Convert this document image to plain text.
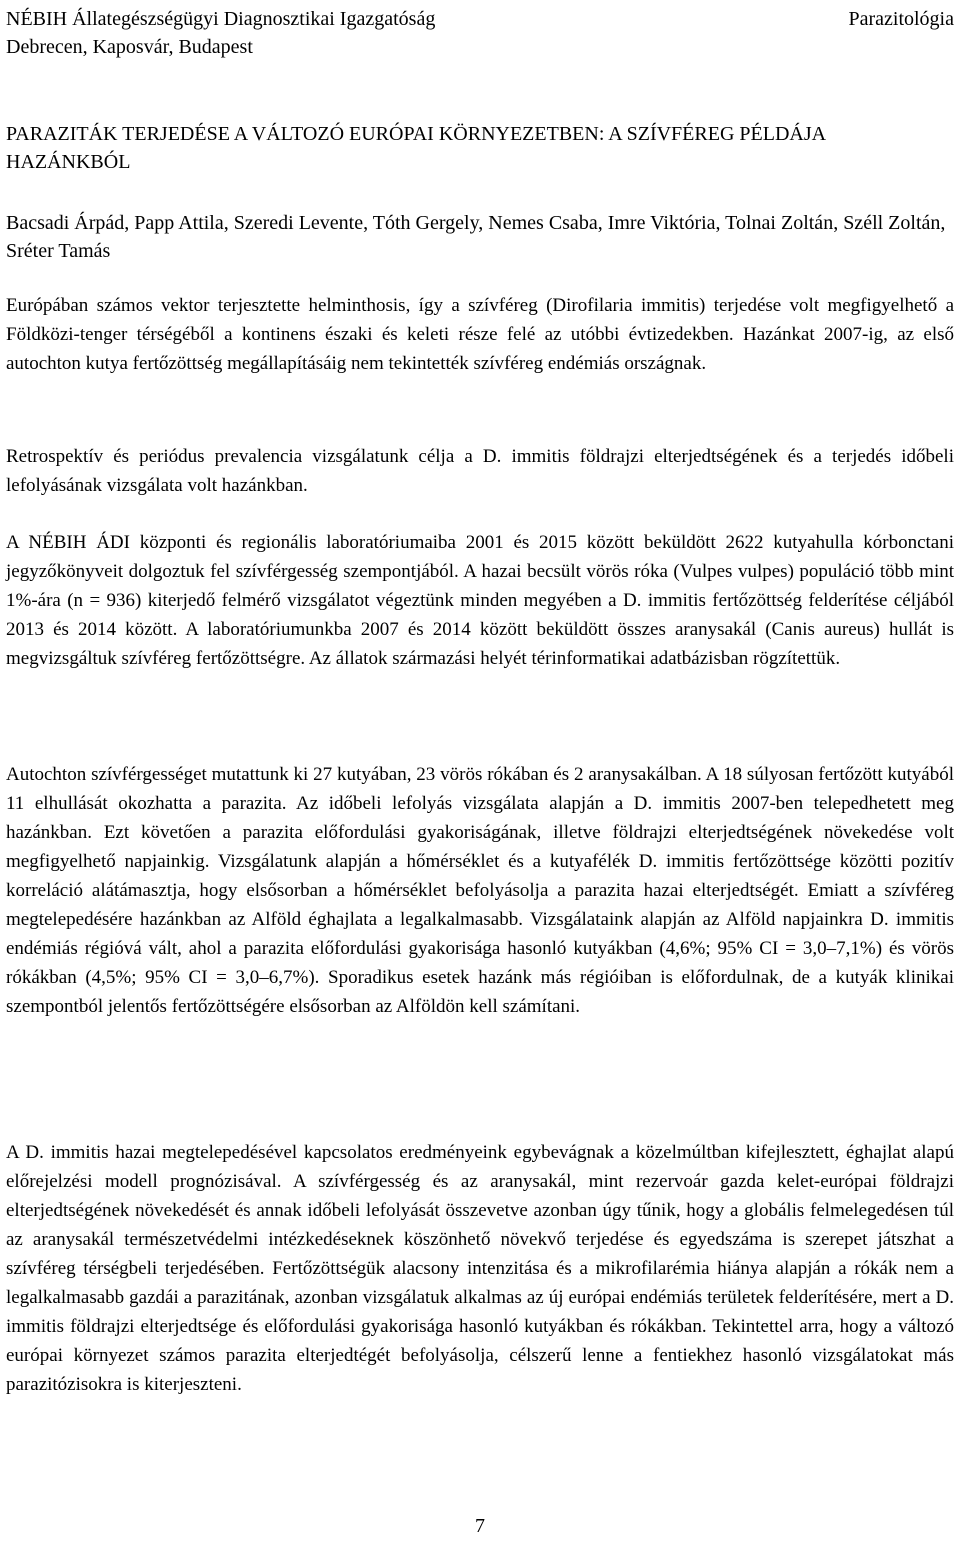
NÉBIH Állategészségügyi Diagnosztikai Igazgatóság	Parazitológia
Debrecen, Kaposvár, Budapest
PARAZITÁK TERJEDÉSE A VÁLTOZÓ EURÓPAI KÖRNYEZETBEN: A SZÍVFÉREG PÉLDÁJA HAZÁNKBÓL
Bacsadi Árpád, Papp Attila, Szeredi Levente, Tóth Gergely, Nemes Csaba, Imre Viktória, Tolnai Zoltán, Széll Zoltán, Sréter Tamás

Európában számos vektor terjesztette helminthosis, így a szívféreg (Dirofilaria immitis) terjedése volt megfigyelhető a Földközi-tenger térségéből a kontinens északi és keleti része felé az utóbbi évtizedekben. Hazánkat 2007-ig, az első autochton kutya fertőzöttség megállapításáig nem tekintették szívféreg endémiás országnak.

Retrospektív és periódus prevalencia vizsgálatunk célja a D. immitis földrajzi elterjedtségének és a terjedés időbeli lefolyásának vizsgálata volt hazánkban.

A NÉBIH ÁDI központi és regionális laboratóriumaiba 2001 és 2015 között beküldött 2622 kutyahulla kórbonctani jegyzőkönyveit dolgoztuk fel szívférgesség szempontjából. A hazai becsült vörös róka (Vulpes vulpes) populáció több mint 1%-ára (n = 936) kiterjedő felmérő vizsgálatot végeztünk minden megyében a D. immitis fertőzöttség felderítése céljából 2013 és 2014 között. A laboratóriumunkba 2007 és 2014 között beküldött összes aranysakál (Canis aureus) hullát is megvizsgáltuk szívféreg fertőzöttségre. Az állatok származási helyét térinformatikai adatbázisban rögzítettük.

Autochton szívférgességet mutattunk ki 27 kutyában, 23 vörös rókában és 2 aranysakálban. A 18 súlyosan fertőzött kutyából 11 elhullását okozhatta a parazita. Az időbeli lefolyás vizsgálata alapján a D. immitis 2007-ben telepedhetett meg hazánkban. Ezt követően a parazita előfordulási gyakoriságának, illetve földrajzi elterjedtségének növekedése volt megfigyelhető napjainkig. Vizsgálatunk alapján a hőmérséklet és a kutyafélék D. immitis fertőzöttsége közötti pozitív korreláció alátámasztja, hogy elsősorban a hőmérséklet befolyásolja a parazita hazai elterjedtségét. Emiatt a szívféreg megtelepedésére hazánkban az Alföld éghajlata a legalkalmasabb. Vizsgálataink alapján az Alföld napjainkra D. immitis endémiás régióvá vált, ahol a parazita előfordulási gyakorisága hasonló kutyákban (4,6%; 95% CI = 3,0‒7,1%) és vörös rókákban (4,5%; 95% CI = 3,0‒6,7%). Sporadikus esetek hazánk más régióiban is előfordulnak, de a kutyák klinikai szempontból jelentős fertőzöttségére elsősorban az Alföldön kell számítani.

A D. immitis hazai megtelepedésével kapcsolatos eredményeink egybevágnak a közelmúltban kifejlesztett, éghajlat alapú előrejelzési modell prognózisával. A szívférgesség és az aranysakál, mint rezervoár gazda kelet-európai földrajzi elterjedtségének növekedését és annak időbeli lefolyását összevetve azonban úgy tűnik, hogy a globális felmelegedésen túl az aranysakál természetvédelmi intézkedéseknek köszönhető növekvő terjedése és egyedszáma is szerepet játszhat a szívféreg térségbeli terjedésében. Fertőzöttségük alacsony intenzitása és a mikrofilarémia hiánya alapján a rókák nem a legalkalmasabb gazdái a parazitának, azonban vizsgálatuk alkalmas az új európai endémiás területek felderítésére, mert a D. immitis földrajzi elterjedtsége és előfordulási gyakorisága hasonló kutyákban és rókákban. Tekintettel arra, hogy a változó európai környezet számos parazita elterjedtégét befolyásolja, célszerű lenne a fentiekhez hasonló vizsgálatokat más parazitózisokra is kiterjeszteni.

7
